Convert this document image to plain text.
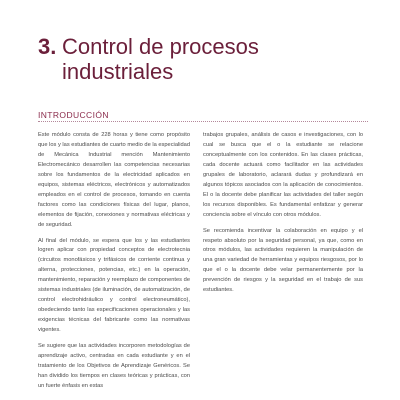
3. Control de procesos
industriales
INTRODUCCIÓN

Este módulo consta de 228 horas y tiene como propósito que los y las estudiantes de cuarto medio de la especialidad de Mecánica Industrial mención Mantenimiento Electromecánico desarrollen las competencias necesarias sobre los fundamentos de la electricidad aplicados en equipos, sistemas eléctricos, electrónicos y automatizados empleados en el control de procesos, tomando en cuenta factores como las condiciones físicas del lugar, planos, elementos de fijación, conexiones y normativas eléctricas y de seguridad.

Al final del módulo, se espera que los y las estudiantes logren aplicar con propiedad conceptos de electrotecnia (circuitos monofásicos y trifásicos de corriente continua y alterna, protecciones, potencias, etc.) en la operación, mantenimiento, reparación y reemplazo de componentes de sistemas industriales (de iluminación, de automatización, de control electrohidráulico y control electroneumático), obedeciendo tanto las especificaciones operacionales y las exigencias técnicas del fabricante como las normativas vigentes.

Se sugiere que las actividades incorporen metodologías de aprendizaje activo, centradas en cada estudiante y en el tratamiento de los Objetivos de Aprendizaje Genéricos. Se han dividido los tiempos en clases teóricas y prácticas, con un fuerte énfasis en estas

trabajos grupales, análisis de casos e investigaciones, con lo cual se busca que el o la estudiante se relacione conceptualmente con los contenidos. En las clases prácticas, cada docente actuará como facilitador en las actividades grupales de laboratorio, aclarará dudas y profundizará en algunos tópicos asociados con la aplicación de conocimientos. El o la docente debe planificar las actividades del taller según los recursos disponibles. Es fundamental enfatizar y generar conciencia sobre el vínculo con otros módulos.

Se recomienda incentivar la colaboración en equipo y el respeto absoluto por la seguridad personal, ya que, como en otros módulos, las actividades requieren la manipulación de una gran variedad de herramientas y equipos riesgosos, por lo que el o la docente debe velar permanentemente por la prevención de riesgos y la seguridad en el trabajo de sus estudiantes.
